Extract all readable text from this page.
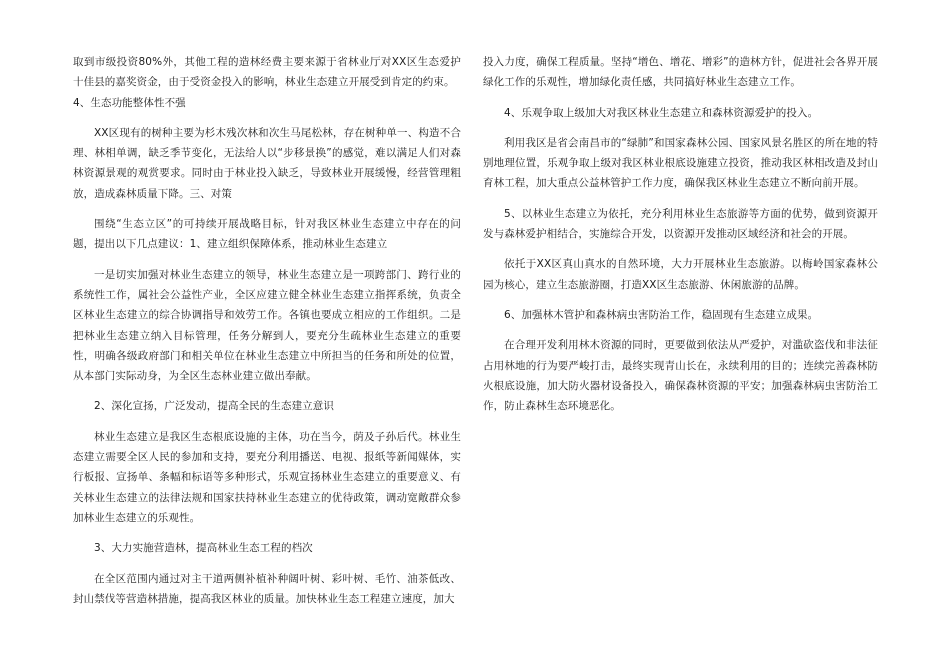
取到市级投资80%外，其他工程的造林经费主要来源于省林业厅对XX区生态爱护十佳县的嘉奖资金，由于受资金投入的影响，林业生态建立开展受到肯定的约束。

4、生态功能整体性不强

XX区现有的树种主要为杉木残次林和次生马尾松林，存在树种单一、构造不合理、林相单调，缺乏季节变化，无法给人以“步移景换”的感觉，难以满足人们对森林资源景观的观赏要求。同时由于林业投入缺乏，导致林业开展缓慢，经营管理粗放，造成森林质量下降。三、对策

围绕“生态立区”的可持续开展战略目标，针对我区林业生态建立中存在的问题，提出以下几点建议：1、建立组织保障体系，推动林业生态建立

一是切实加强对林业生态建立的领导，林业生态建立是一项跨部门、跨行业的系统性工作，属社会公益性产业，全区应建立健全林业生态建立指挥系统，负责全区林业生态建立的综合协调指导和效劳工作。各镇也要成立相应的工作组织。二是把林业生态建立纳入目标管理，任务分解到人，要充分生疏林业生态建立的重要性，明确各级政府部门和相关单位在林业生态建立中所担当的任务和所处的位置，从本部门实际动身，为全区生态林业建立做出奉献。

2、深化宣扬，广泛发动，提高全民的生态建立意识

林业生态建立是我区生态根底设施的主体，功在当今，荫及子孙后代。林业生态建立需要全区人民的参加和支持，要充分利用播送、电视、报纸等新闻媒体，实行板报、宣扬单、条幅和标语等多种形式，乐观宣扬林业生态建立的重要意义、有关林业生态建立的法律法规和国家扶持林业生态建立的优待政策，调动宽敞群众参加林业生态建立的乐观性。

3、大力实施营造林，提高林业生态工程的档次

在全区范围内通过对主干道两侧补植补种阔叶树、彩叶树、毛竹、油茶低改、封山禁伐等营造林措施，提高我区林业的质量。加快林业生态工程建立速度，加大

投入力度，确保工程质量。坚持“增色、增花、增彩”的造林方针，促进社会各界开展绿化工作的乐观性，增加绿化责任感，共同搞好林业生态建立工作。

4、乐观争取上级加大对我区林业生态建立和森林资源爱护的投入。

利用我区是省会南昌市的“绿肺”和国家森林公园、国家风景名胜区的所在地的特别地理位置，乐观争取上级对我区林业根底设施建立投资，推动我区林相改造及封山育林工程，加大重点公益林管护工作力度，确保我区林业生态建立不断向前开展。

5、以林业生态建立为依托，充分利用林业生态旅游等方面的优势，做到资源开发与森林爱护相结合，实施综合开发，以资源开发推动区域经济和社会的开展。

依托于XX区真山真水的自然环境，大力开展林业生态旅游。以梅岭国家森林公园为核心，建立生态旅游圈，打造XX区生态旅游、休闲旅游的品牌。

6、加强林木管护和森林病虫害防治工作，稳固现有生态建立成果。

在合理开发利用林木资源的同时，更要做到依法从严爱护，对滥砍盗伐和非法征占用林地的行为要严峻打击，最终实现青山长在，永续利用的目的；连续完善森林防火根底设施，加大防火器材设备投入，确保森林资源的平安；加强森林病虫害防治工作，防止森林生态环境恶化。
